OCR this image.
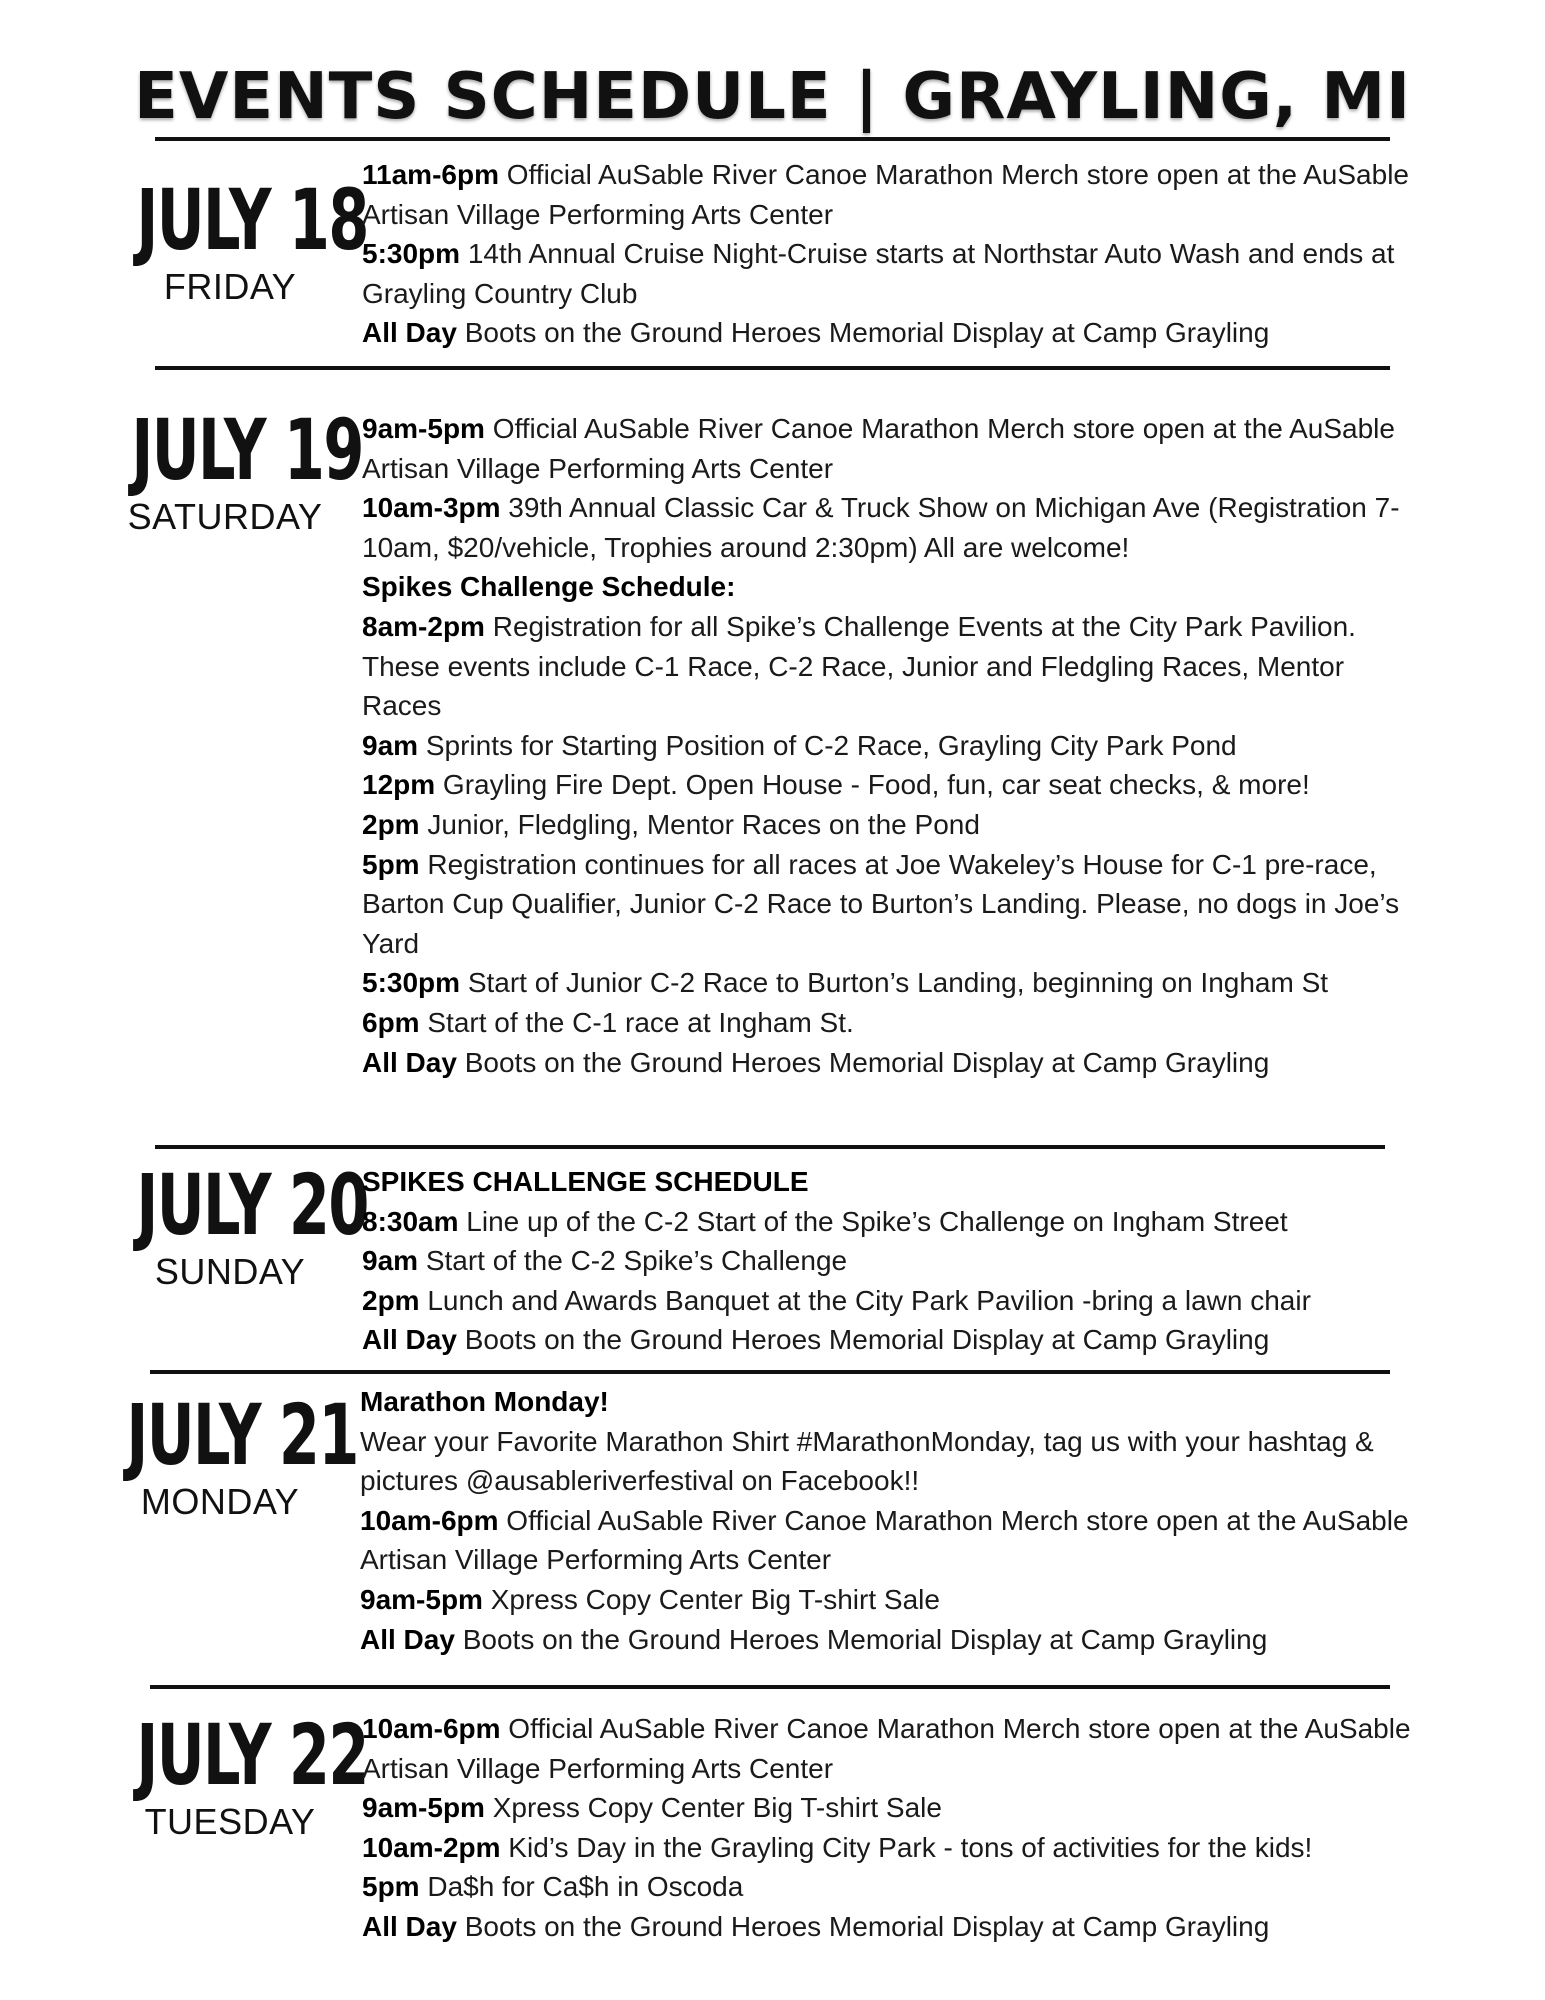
EVENTS SCHEDULE | GRAYLING, MI
JULY 18
FRIDAY

11am-6pm Official AuSable River Canoe Marathon Merch store open at the AuSable Artisan Village Performing Arts Center

5:30pm 14th Annual Cruise Night-Cruise starts at Northstar Auto Wash and ends at Grayling Country Club

All Day Boots on the Ground Heroes Memorial Display at Camp Grayling

JULY 19
SATURDAY

9am-5pm Official AuSable River Canoe Marathon Merch store open at the AuSable Artisan Village Performing Arts Center

10am-3pm 39th Annual Classic Car & Truck Show on Michigan Ave (Registration 7-10am, $20/vehicle, Trophies around 2:30pm) All are welcome!

Spikes Challenge Schedule:

8am-2pm Registration for all Spike’s Challenge Events at the City Park Pavilion. These events include C-1 Race, C-2 Race, Junior and Fledgling Races, Mentor Races

9am Sprints for Starting Position of C-2 Race, Grayling City Park Pond

12pm Grayling Fire Dept. Open House - Food, fun, car seat checks, & more!

2pm Junior, Fledgling, Mentor Races on the Pond

5pm Registration continues for all races at Joe Wakeley’s House for C-1 pre-race, Barton Cup Qualifier, Junior C-2 Race to Burton’s Landing. Please, no dogs in Joe’s Yard

5:30pm Start of Junior C-2 Race to Burton’s Landing, beginning on Ingham St

6pm Start of the C-1 race at Ingham St.

All Day Boots on the Ground Heroes Memorial Display at Camp Grayling

JULY 20
SUNDAY

SPIKES CHALLENGE SCHEDULE

8:30am Line up of the C-2 Start of the Spike’s Challenge on Ingham Street

9am Start of the C-2 Spike’s Challenge

2pm Lunch and Awards Banquet at the City Park Pavilion -bring a lawn chair

All Day Boots on the Ground Heroes Memorial Display at Camp Grayling

JULY 21
MONDAY

Marathon Monday!

Wear your Favorite Marathon Shirt #MarathonMonday, tag us with your hashtag & pictures @ausableriverfestival on Facebook!!

10am-6pm Official AuSable River Canoe Marathon Merch store open at the AuSable Artisan Village Performing Arts Center

9am-5pm Xpress Copy Center Big T-shirt Sale

All Day Boots on the Ground Heroes Memorial Display at Camp Grayling

JULY 22
TUESDAY

10am-6pm Official AuSable River Canoe Marathon Merch store open at the AuSable Artisan Village Performing Arts Center

9am-5pm Xpress Copy Center Big T-shirt Sale

10am-2pm Kid’s Day in the Grayling City Park - tons of activities for the kids!

5pm Da$h for Ca$h in Oscoda

All Day Boots on the Ground Heroes Memorial Display at Camp Grayling
